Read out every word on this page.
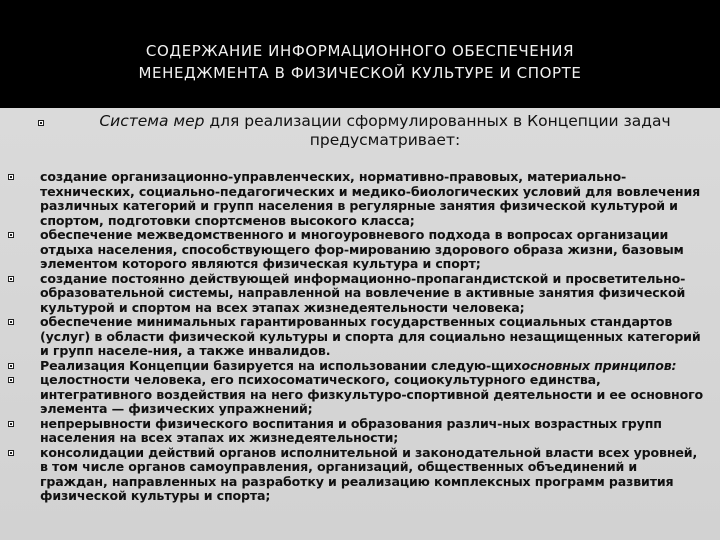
СОДЕРЖАНИЕ ИНФОРМАЦИОННОГО ОБЕСПЕЧЕНИЯ
МЕНЕДЖМЕНТА В ФИЗИЧЕСКОЙ КУЛЬТУРЕ И СПОРТЕ
Система мер для реализации сформулированных в Концепции задач предусматривает:
создание организационно-управленческих, нормативно-правовых, материально-технических, социально-педагогических и медико-биологических условий для вовлечения различных категорий и групп населения в регулярные занятия физической культурой и спортом, подготовки спортсменов высокого класса;
обеспечение межведомственного и многоуровневого подхода в вопросах организации отдыха населения, способствующего фор-мированию здорового образа жизни, базовым элементом которого являются физическая культура и спорт;
создание постоянно действующей информационно-пропагандистской и просветительно-образовательной системы, направленной на вовлечение в активные занятия физической культурой и спортом на всех этапах жизнедеятельности человека;
обеспечение минимальных гарантированных государственных социальных стандартов (услуг) в области физической культуры и спорта для социально незащищенных категорий и групп населе-ния, а также инвалидов.
Реализация Концепции базируется на использовании следую-щихосновных принципов:
целостности человека, его психосоматического, социокультурного единства, интегративного воздействия на него физкультуро-спортивной деятельности и ее основного элемента — физических упражнений;
непрерывности физического воспитания и образования различ-ных возрастных групп населения на всех этапах их жизнедеятельности;
консолидации действий органов исполнительной и законодательной власти всех уровней, в том числе органов самоуправления, организаций, общественных объединений и граждан, направленных на разработку и реализацию комплексных программ развития физической культуры и спорта;
